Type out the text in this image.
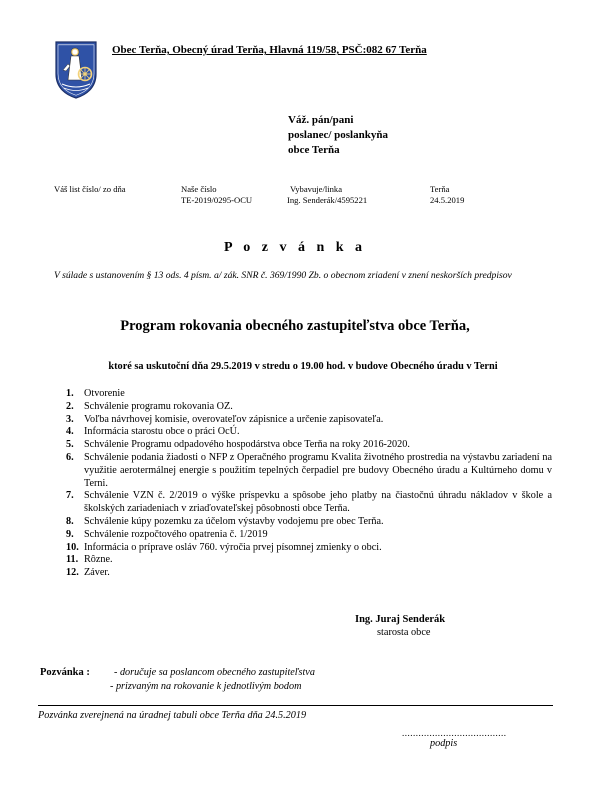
Obec Terňa, Obecný úrad Terňa, Hlavná 119/58, PSČ:082 67 Terňa
Váž. pán/pani
poslanec/ poslankyňa
obce Terňa
Váš list číslo/ zo dňa	Naše číslo
TE-2019/0295-OCU
Vybavuje/linka
Ing. Senderák/4595221
Terňa
24.5.2019
P o z v á n k a
V súlade s ustanovením § 13 ods. 4 písm. a/ zák. SNR č. 369/1990 Zb. o obecnom zriadení v znení neskorších predpisov
Program rokovania obecného zastupiteľstva obce Terňa,
ktoré sa uskutoční dňa 29.5.2019 v stredu o 19.00 hod. v budove Obecného úradu v Terni
1. Otvorenie
2. Schválenie programu rokovania OZ.
3. Voľba návrhovej komisie, overovateľov zápisnice a určenie zapisovateľa.
4. Informácia starostu obce o práci OcÚ.
5. Schválenie Programu odpadového hospodárstva obce Terňa na roky 2016-2020.
6. Schválenie podania žiadosti o NFP z Operačného programu Kvalita životného prostredia na výstavbu zariadení na využitie aerotermálnej energie s použitím tepelných čerpadiel pre budovy Obecného úradu a Kultúrneho domu v Terni.
7. Schválenie VZN č. 2/2019 o výške príspevku a spôsobe jeho platby na čiastočnú úhradu nákladov v škole a školských zariadeniach v zriaďovateľskej pôsobnosti obce Terňa.
8. Schválenie kúpy pozemku za účelom výstavby vodojemu pre obec Terňa.
9. Schválenie rozpočtového opatrenia č. 1/2019
10. Informácia o príprave osláv 760. výročia prvej písomnej zmienky o obci.
11. Rôzne.
12. Záver.
Ing. Juraj Senderák
starosta obce
Pozvánka : - doručuje sa poslancom obecného zastupiteľstva
- prizvaným na rokovanie k jednotlivým bodom
Pozvánka zverejnená na úradnej tabuli obce Terňa dňa 24.5.2019
......................................
podpis
